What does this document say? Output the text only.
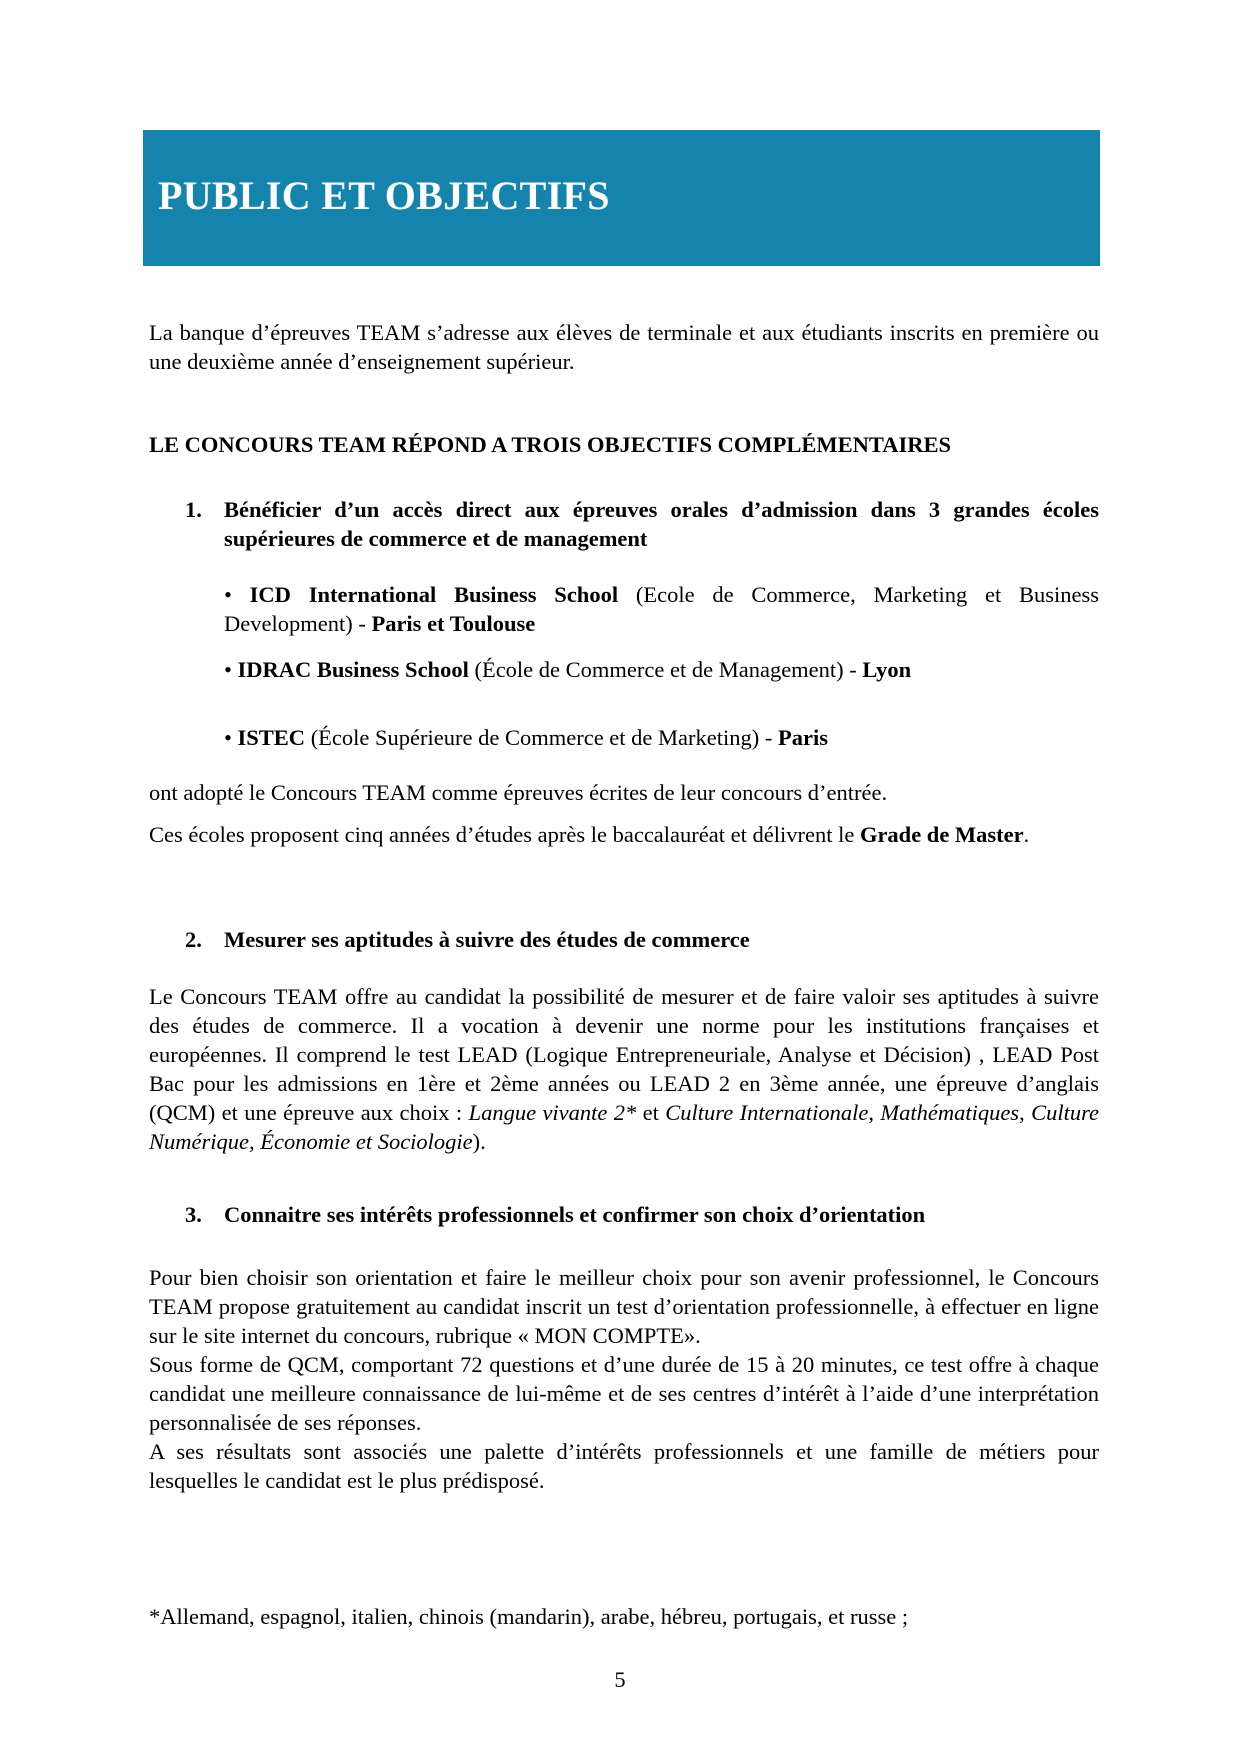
PUBLIC ET OBJECTIFS

La banque d’épreuves TEAM s’adresse aux élèves de terminale et aux étudiants inscrits en première ou une deuxième année d’enseignement supérieur.

LE CONCOURS TEAM RÉPOND A TROIS OBJECTIFS COMPLÉMENTAIRES

1. Bénéficier d’un accès direct aux épreuves orales d’admission dans 3 grandes écoles supérieures de commerce et de management

• ICD International Business School (Ecole de Commerce, Marketing et Business Development) - Paris et Toulouse

• IDRAC Business School (École de Commerce et de Management) - Lyon

• ISTEC (École Supérieure de Commerce et de Marketing) - Paris

ont adopté le Concours TEAM comme épreuves écrites de leur concours d’entrée.

Ces écoles proposent cinq années d’études après le baccalauréat et délivrent le Grade de Master.

2. Mesurer ses aptitudes à suivre des études de commerce

Le Concours TEAM offre au candidat la possibilité de mesurer et de faire valoir ses aptitudes à suivre des études de commerce. Il a vocation à devenir une norme pour les institutions françaises et européennes. Il comprend le test LEAD (Logique Entrepreneuriale, Analyse et Décision) , LEAD Post Bac pour les admissions en 1ère et 2ème années ou LEAD 2 en 3ème année, une épreuve d’anglais (QCM) et une épreuve aux choix : Langue vivante 2* et Culture Internationale, Mathématiques, Culture Numérique, Économie et Sociologie).

3. Connaitre ses intérêts professionnels et confirmer son choix d’orientation

Pour bien choisir son orientation et faire le meilleur choix pour son avenir professionnel, le Concours TEAM propose gratuitement au candidat inscrit un test d’orientation professionnelle, à effectuer en ligne sur le site internet du concours, rubrique « MON COMPTE».

Sous forme de QCM, comportant 72 questions et d’une durée de 15 à 20 minutes, ce test offre à chaque candidat une meilleure connaissance de lui-même et de ses centres d’intérêt à l’aide d’une interprétation personnalisée de ses réponses.

A ses résultats sont associés une palette d’intérêts professionnels et une famille de métiers pour lesquelles le candidat est le plus prédisposé.

*Allemand, espagnol, italien, chinois (mandarin), arabe, hébreu, portugais, et russe ;

5
